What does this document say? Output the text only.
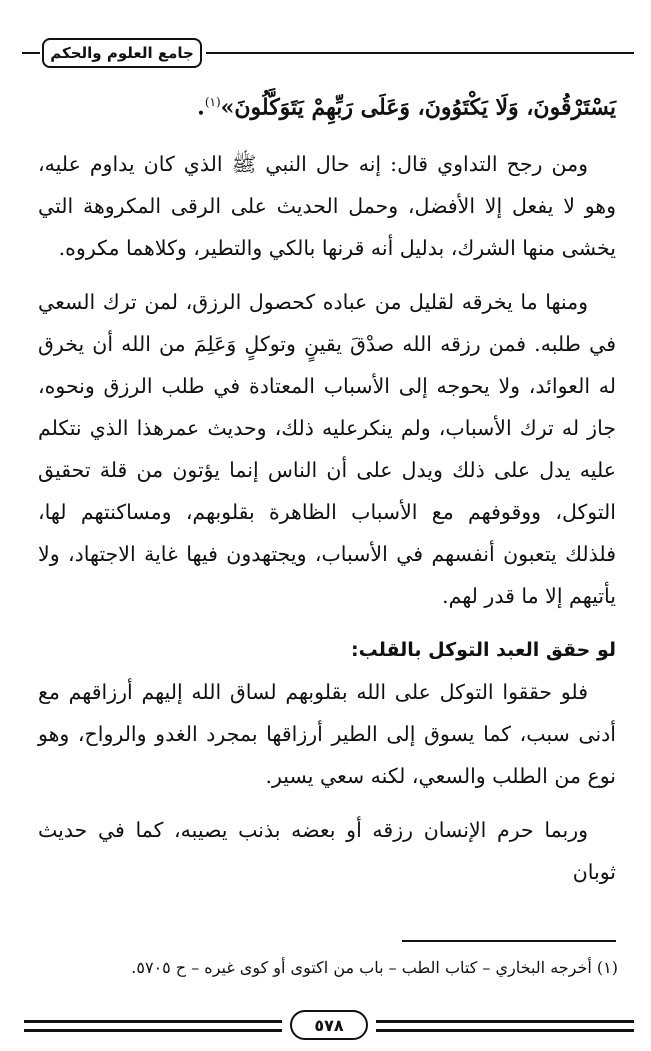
جامع العلوم والحكم

يَسْتَرْقُونَ، وَلَا يَكْتَوُونَ، وَعَلَى رَبِّهِمْ يَتَوَكَّلُونَ»$^{(١)}$.

ومن رجح التداوي قال: إنه حال النبي ﷺ الذي كان يداوم عليه، وهو لا يفعل إلا الأفضل، وحمل الحديث على الرقى المكروهة التي يخشى منها الشرك، بدليل أنه قرنها بالكي والتطير، وكلاهما مكروه.

ومنها ما يخرقه لقليل من عباده كحصول الرزق، لمن ترك السعي في طلبه. فمن رزقه الله صدْقَ يقينٍ وتوكلٍ وَعَلِمَ من الله أن يخرق له العوائد، ولا يحوجه إلى الأسباب المعتادة في طلب الرزق ونحوه، جاز له ترك الأسباب، ولم ينكرعليه ذلك، وحديث عمرهذا الذي نتكلم عليه يدل على ذلك ويدل على أن الناس إنما يؤتون من قلة تحقيق التوكل، ووقوفهم مع الأسباب الظاهرة بقلوبهم، ومساكنتهم لها، فلذلك يتعبون أنفسهم في الأسباب، ويجتهدون فيها غاية الاجتهاد، ولا يأتيهم إلا ما قدر لهم.

لو حقق العبد التوكل بالقلب:

فلو حققوا التوكل على الله بقلوبهم لساق الله إليهم أرزاقهم مع أدنى سبب، كما يسوق إلى الطير أرزاقها بمجرد الغدو والرواح، وهو نوع من الطلب والسعي، لكنه سعي يسير.

وربما حرم الإنسان رزقه أو بعضه بذنب يصيبه، كما في حديث ثوبان

(١) أخرجه البخاري – كتاب الطب – باب من اكتوى أو كوى غيره – ح ٥٧٠٥.
٥٧٨
